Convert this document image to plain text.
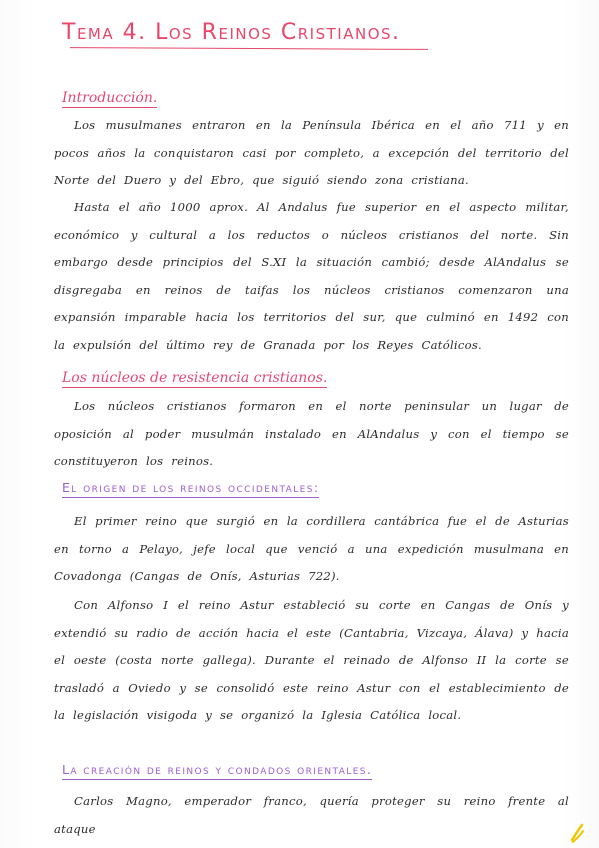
Tema 4. Los Reinos Cristianos.
Introducción.
Los musulmanes entraron en la Península Ibérica en el año 711 y en pocos años la conquistaron casi por completo, a excepción del territorio del Norte del Duero y del Ebro, que siguió siendo zona cristiana.
Hasta el año 1000 aprox. Al Andalus fue superior en el aspecto militar, económico y cultural a los reductos o núcleos cristianos del norte. Sin embargo desde principios del S.XI la situación cambió; desde AlAndalus se disgregaba en reinos de taifas los núcleos cristianos comenzaron una expansión imparable hacia los territorios del sur, que culminó en 1492 con la expulsión del último rey de Granada por los Reyes Católicos.
Los núcleos de resistencia cristianos.
Los núcleos cristianos formaron en el norte peninsular un lugar de oposición al poder musulmán instalado en AlAndalus y con el tiempo se constituyeron los reinos.
El origen de los reinos occidentales:
El primer reino que surgió en la cordillera cantábrica fue el de Asturias en torno a Pelayo, jefe local que venció a una expedición musulmana en Covadonga (Cangas de Onís, Asturias 722).
Con Alfonso I el reino Astur estableció su corte en Cangas de Onís y extendió su radio de acción hacia el este (Cantabria, Vizcaya, Álava) y hacia el oeste (costa norte gallega). Durante el reinado de Alfonso II la corte se trasladó a Oviedo y se consolidó este reino Astur con el establecimiento de la legislación visigoda y se organizó la Iglesia Católica local.
La creación de reinos y condados orientales.
Carlos Magno, emperador franco, quería proteger su reino frente al ataque
